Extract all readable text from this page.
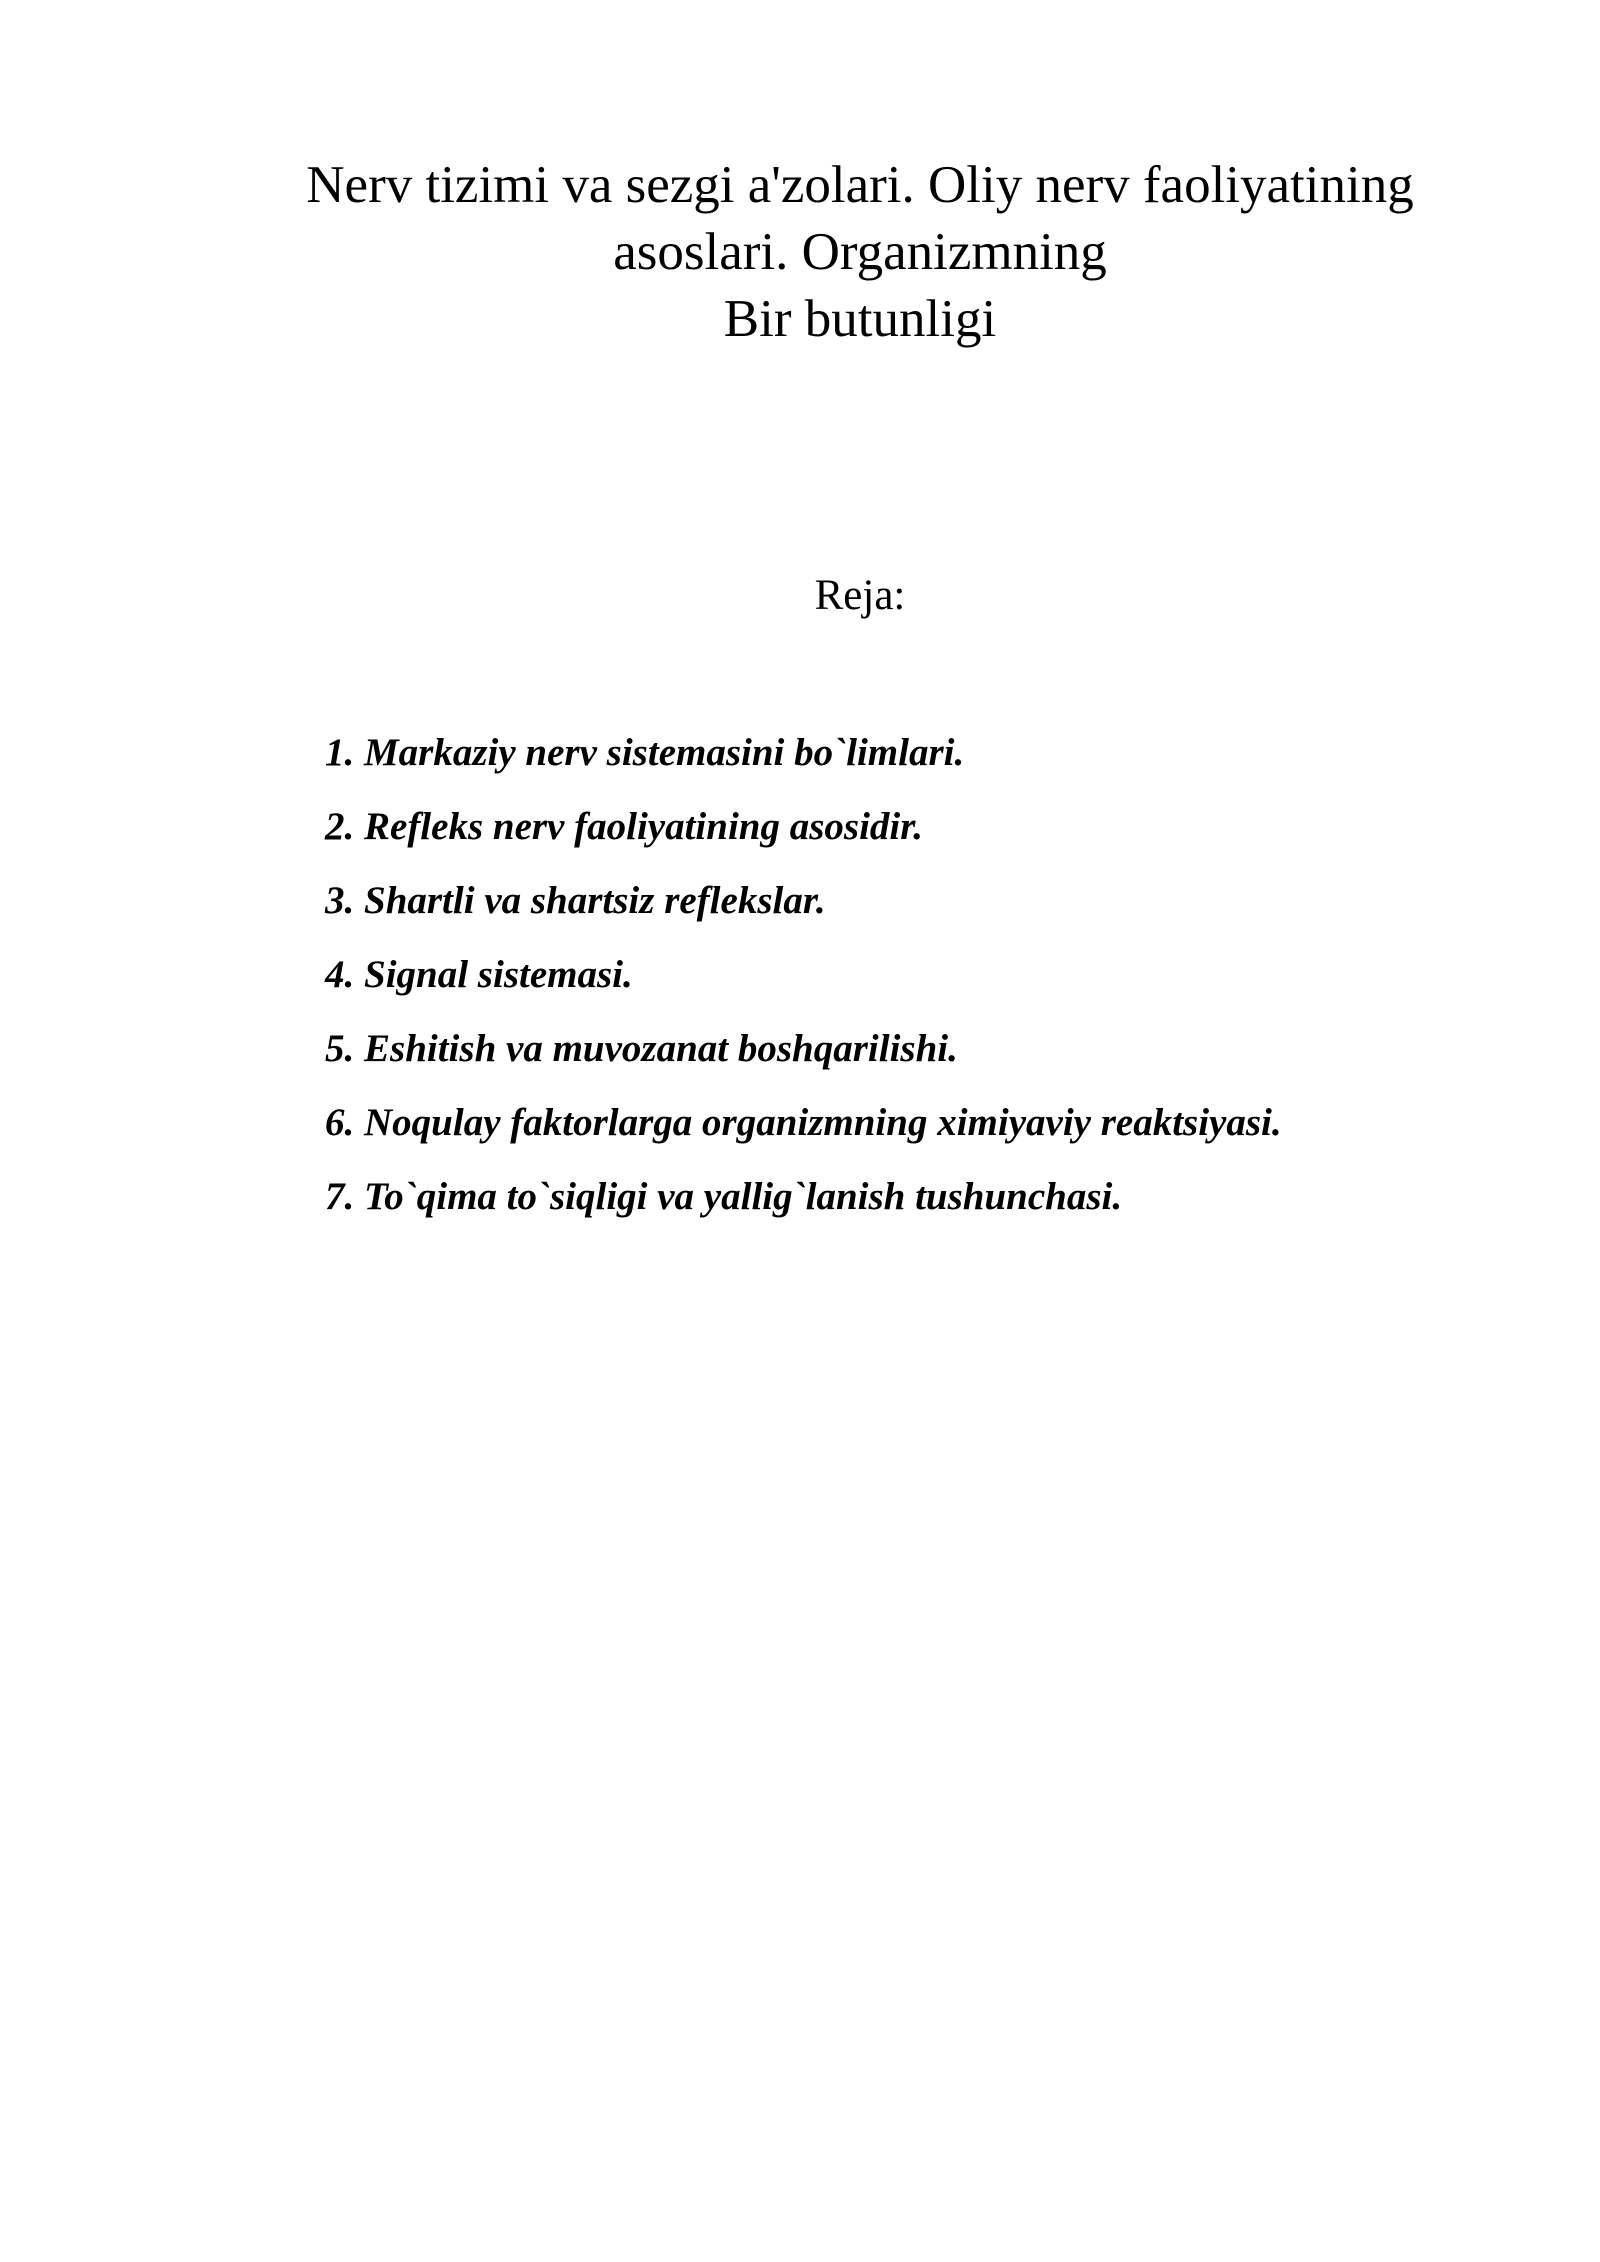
Nerv tizimi va sezgi a'zolari. Oliy nerv faoliyatining
asoslari. Organizmning
Bir butunligi

Reja:

1. Markaziy nerv sistemasini bo`limlari.
2. Refleks nerv faoliyatining asosidir.
3. Shartli va shartsiz reflekslar.
4. Signal sistemasi.
5. Eshitish va muvozanat boshqarilishi.
6. Noqulay faktorlarga organizmning ximiyaviy reaktsiyasi.
7. To`qima to`siqligi va yallig`lanish tushunchasi.
